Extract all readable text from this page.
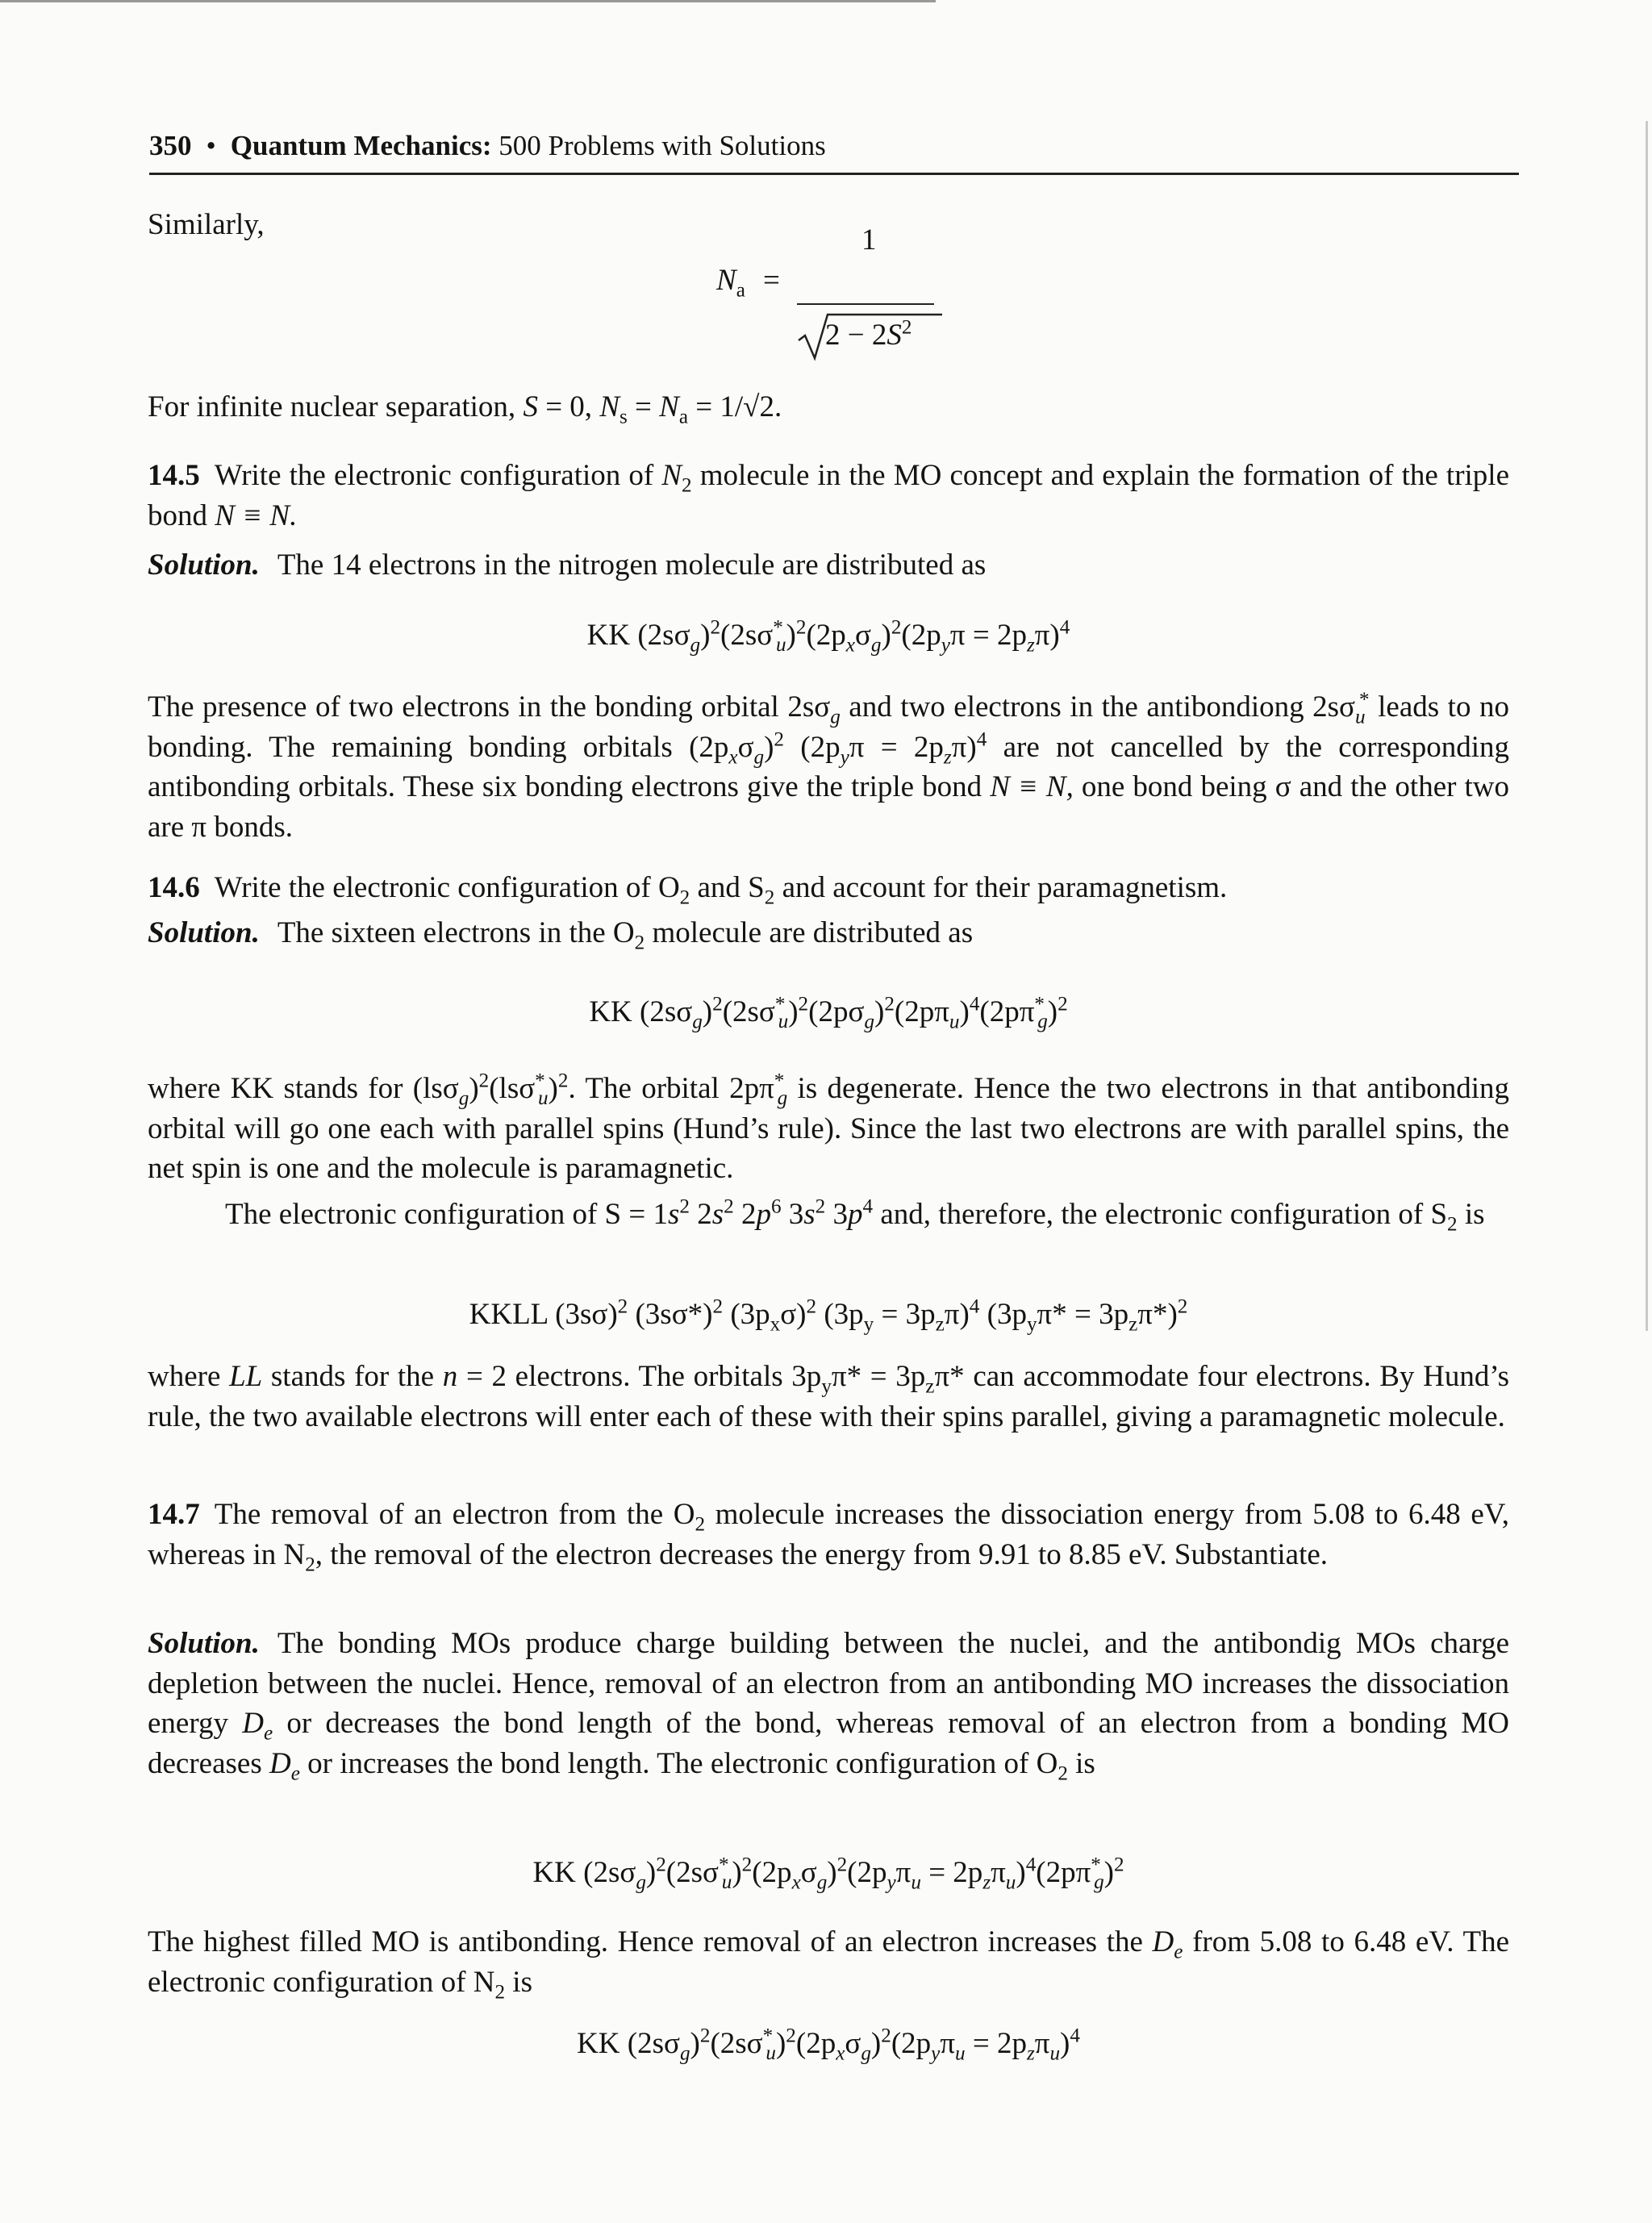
350 • Quantum Mechanics: 500 Problems with Solutions
Similarly,
$N_a$ =
1
$2 - 2S^2$
For infinite nuclear separation, S = 0, $N_s = N_a = 1/√2$.
14.5 Write the electronic configuration of $N_2$ molecule in the MO concept and explain the formation of the triple bond N ≡ N.
Solution. The 14 electrons in the nitrogen molecule are distributed as
KK $(2s\sigma_g)^2(2s\sigma^*_u)^2(2p_x\sigma_g)^2(2p_y\pi = 2p_z\pi)^4$
The presence of two electrons in the bonding orbital $2s\sigma_g$ and two electrons in the antibondiong $2s\sigma_u^*$ leads to no bonding. The remaining bonding orbitals $(2p_x\sigma_g)^2$ $(2p_y\pi = 2p_z\pi)^4$ are not cancelled by the corresponding antibonding orbitals. These six bonding electrons give the triple bond N ≡ N, one bond being σ and the other two are π bonds.
14.6 Write the electronic configuration of $O_2$ and $S_2$ and account for their paramagnetism.
Solution. The sixteen electrons in the $O_2$ molecule are distributed as
KK $(2s\sigma_g)^2(2s\sigma^*_u)^2(2p\sigma_g)^2(2p\pi_u)^4(2p\pi^*_g)^2$
where KK stands for $(ls\sigma_g)^2(ls\sigma^*_u)^2$. The orbital $2p\pi^*_g$ is degenerate. Hence the two electrons in that antibonding orbital will go one each with parallel spins (Hund’s rule). Since the last two electrons are with parallel spins, the net spin is one and the molecule is paramagnetic.
The electronic configuration of $S = 1s^2$ $2s^2$ $2p^6$ $3s^2$ $3p^4$ and, therefore, the electronic configuration of $S_2$ is
KKLL $(3s\sigma)^2$ $(3s\sigma*)^2$ $(3p_x\sigma)^2$ $(3p_y = 3p_z\pi)^4$ $(3p_y\pi* = 3p_z\pi*)^2$
where LL stands for the n = 2 electrons. The orbitals $3p_y\pi* = 3p_z\pi*$ can accommodate four electrons. By Hund’s rule, the two available electrons will enter each of these with their spins parallel, giving a paramagnetic molecule.
14.7 The removal of an electron from the $O_2$ molecule increases the dissociation energy from 5.08 to 6.48 eV, whereas in $N_2$, the removal of the electron decreases the energy from 9.91 to 8.85 eV. Substantiate.
Solution. The bonding MOs produce charge building between the nuclei, and the antibondig MOs charge depletion between the nuclei. Hence, removal of an electron from an antibonding MO increases the dissociation energy $D_e$ or decreases the bond length of the bond, whereas removal of an electron from a bonding MO decreases $D_e$ or increases the bond length. The electronic configuration of $O_2$ is
KK $(2s\sigma_g)^2(2s\sigma^*_u)^2(2p_x\sigma_g)^2(2p_y\pi_u = 2p_z\pi_u)^4(2p\pi^*_g)^2$
The highest filled MO is antibonding. Hence removal of an electron increases the $D_e$ from 5.08 to 6.48 eV. The electronic configuration of $N_2$ is
KK $(2s\sigma_g)^2(2s\sigma^*_u)^2(2p_x\sigma_g)^2(2p_y\pi_u = 2p_z\pi_u)^4$
